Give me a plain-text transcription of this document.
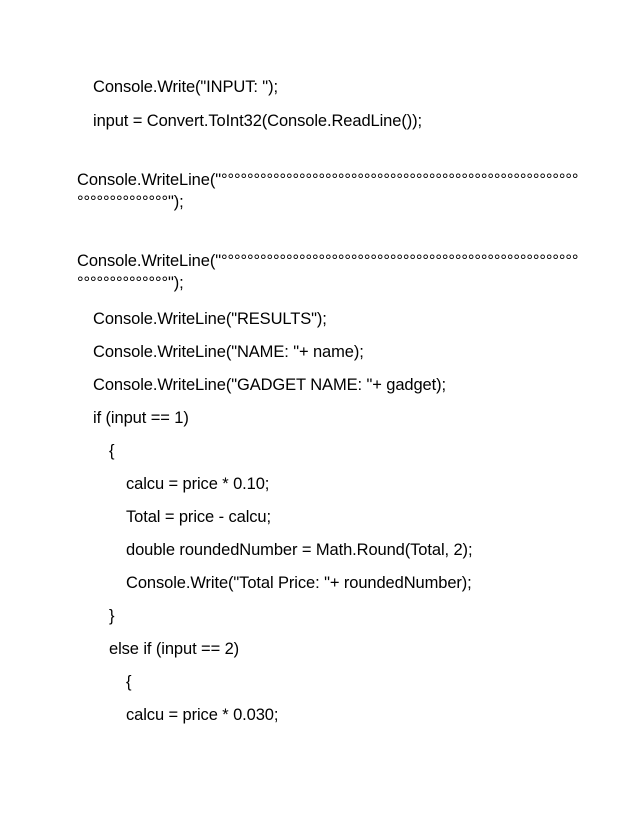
Console.Write("INPUT: ");
input = Convert.ToInt32(Console.ReadLine());
Console.WriteLine("°°°°°°°°°°°°°°°°°°°°°°°°°°°°°°°°°°°°°°°°°°°°°°°°°°°°°°°
°°°°°°°°°°°°°°");
Console.WriteLine("°°°°°°°°°°°°°°°°°°°°°°°°°°°°°°°°°°°°°°°°°°°°°°°°°°°°°°°
°°°°°°°°°°°°°°");
Console.WriteLine("RESULTS");
Console.WriteLine("NAME: "+ name);
Console.WriteLine("GADGET NAME: "+ gadget);
if (input == 1)
{
calcu = price * 0.10;
Total = price - calcu;
double roundedNumber = Math.Round(Total, 2);
Console.Write("Total Price: "+ roundedNumber);
}
else if (input == 2)
{
calcu = price * 0.030;
